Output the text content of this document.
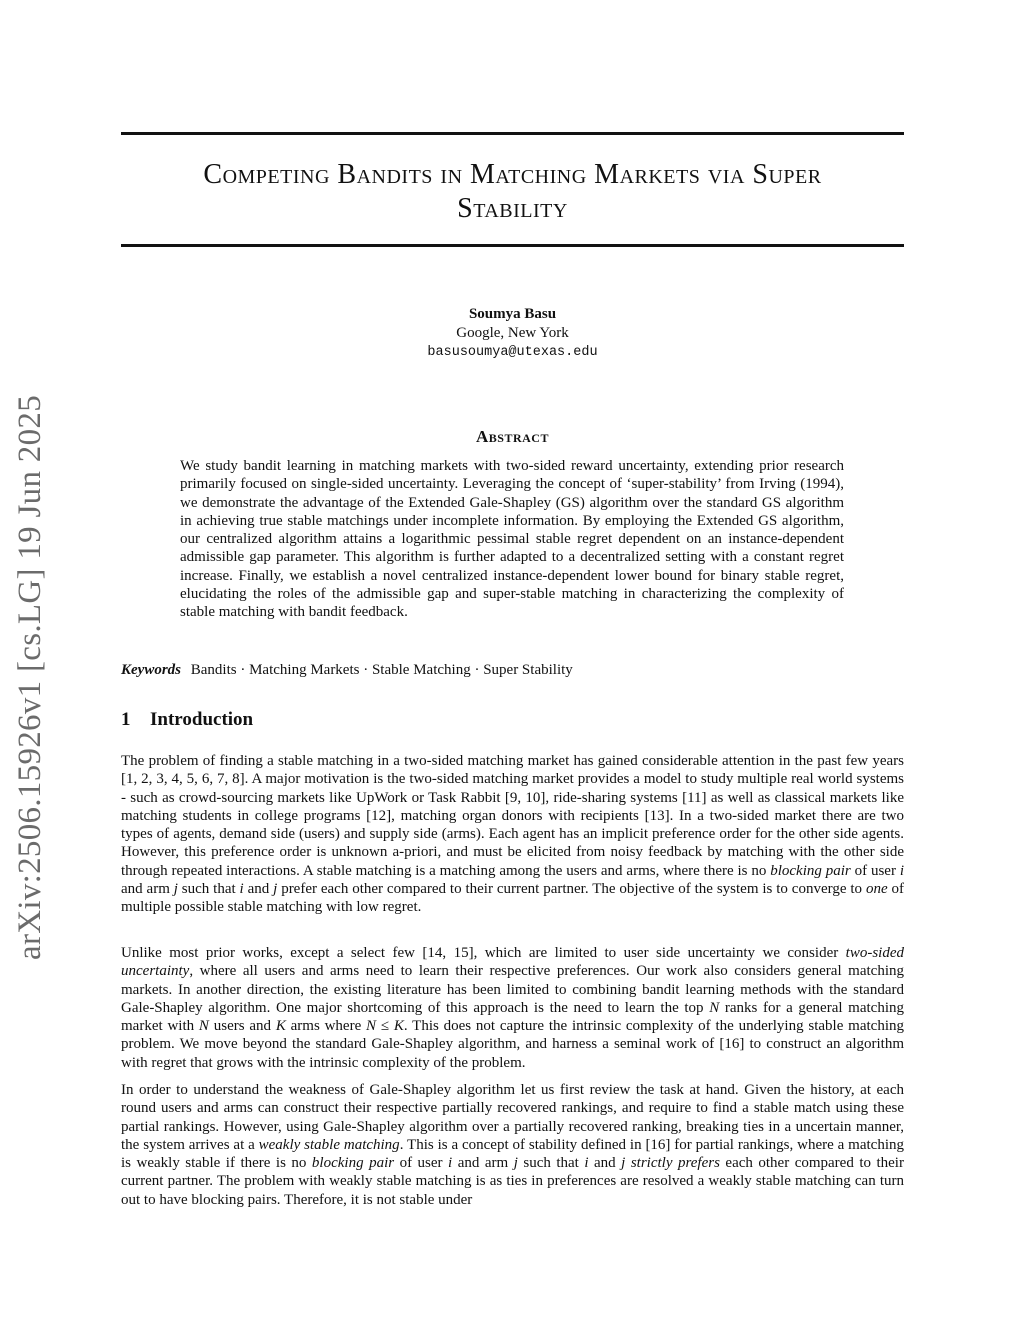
arXiv:2506.15926v1 [cs.LG] 19 Jun 2025
Competing Bandits in Matching Markets via Super
Stability
Soumya Basu
Google, New York
basusoumya@utexas.edu
Abstract

We study bandit learning in matching markets with two-sided reward uncertainty, extending prior research primarily focused on single-sided uncertainty. Leveraging the concept of ‘super-stability’ from Irving (1994), we demonstrate the advantage of the Extended Gale-Shapley (GS) algorithm over the standard GS algorithm in achieving true stable matchings under incomplete information. By employing the Extended GS algorithm, our centralized algorithm attains a logarithmic pessimal stable regret dependent on an instance-dependent admissible gap parameter. This algorithm is further adapted to a decentralized setting with a constant regret increase. Finally, we establish a novel centralized instance-dependent lower bound for binary stable regret, elucidating the roles of the admissible gap and super-stable matching in characterizing the complexity of stable matching with bandit feedback.

Keywords Bandits · Matching Markets · Stable Matching · Super Stability
1 Introduction

The problem of finding a stable matching in a two-sided matching market has gained considerable attention in the past few years [1, 2, 3, 4, 5, 6, 7, 8]. A major motivation is the two-sided matching market provides a model to study multiple real world systems - such as crowd-sourcing markets like UpWork or Task Rabbit [9, 10], ride-sharing systems [11] as well as classical markets like matching students in college programs [12], matching organ donors with recipients [13]. In a two-sided market there are two types of agents, demand side (users) and supply side (arms). Each agent has an implicit preference order for the other side agents. However, this preference order is unknown a-priori, and must be elicited from noisy feedback by matching with the other side through repeated interactions. A stable matching is a matching among the users and arms, where there is no blocking pair of user i and arm j such that i and j prefer each other compared to their current partner. The objective of the system is to converge to one of multiple possible stable matching with low regret.

Unlike most prior works, except a select few [14, 15], which are limited to user side uncertainty we consider two-sided uncertainty, where all users and arms need to learn their respective preferences. Our work also considers general matching markets. In another direction, the existing literature has been limited to combining bandit learning methods with the standard Gale-Shapley algorithm. One major shortcoming of this approach is the need to learn the top N ranks for a general matching market with N users and K arms where N ≤ K. This does not capture the intrinsic complexity of the underlying stable matching problem. We move beyond the standard Gale-Shapley algorithm, and harness a seminal work of [16] to construct an algorithm with regret that grows with the intrinsic complexity of the problem.

In order to understand the weakness of Gale-Shapley algorithm let us first review the task at hand. Given the history, at each round users and arms can construct their respective partially recovered rankings, and require to find a stable match using these partial rankings. However, using Gale-Shapley algorithm over a partially recovered ranking, breaking ties in a uncertain manner, the system arrives at a weakly stable matching. This is a concept of stability defined in [16] for partial rankings, where a matching is weakly stable if there is no blocking pair of user i and arm j such that i and j strictly prefers each other compared to their current partner. The problem with weakly stable matching is as ties in preferences are resolved a weakly stable matching can turn out to have blocking pairs. Therefore, it is not stable under
